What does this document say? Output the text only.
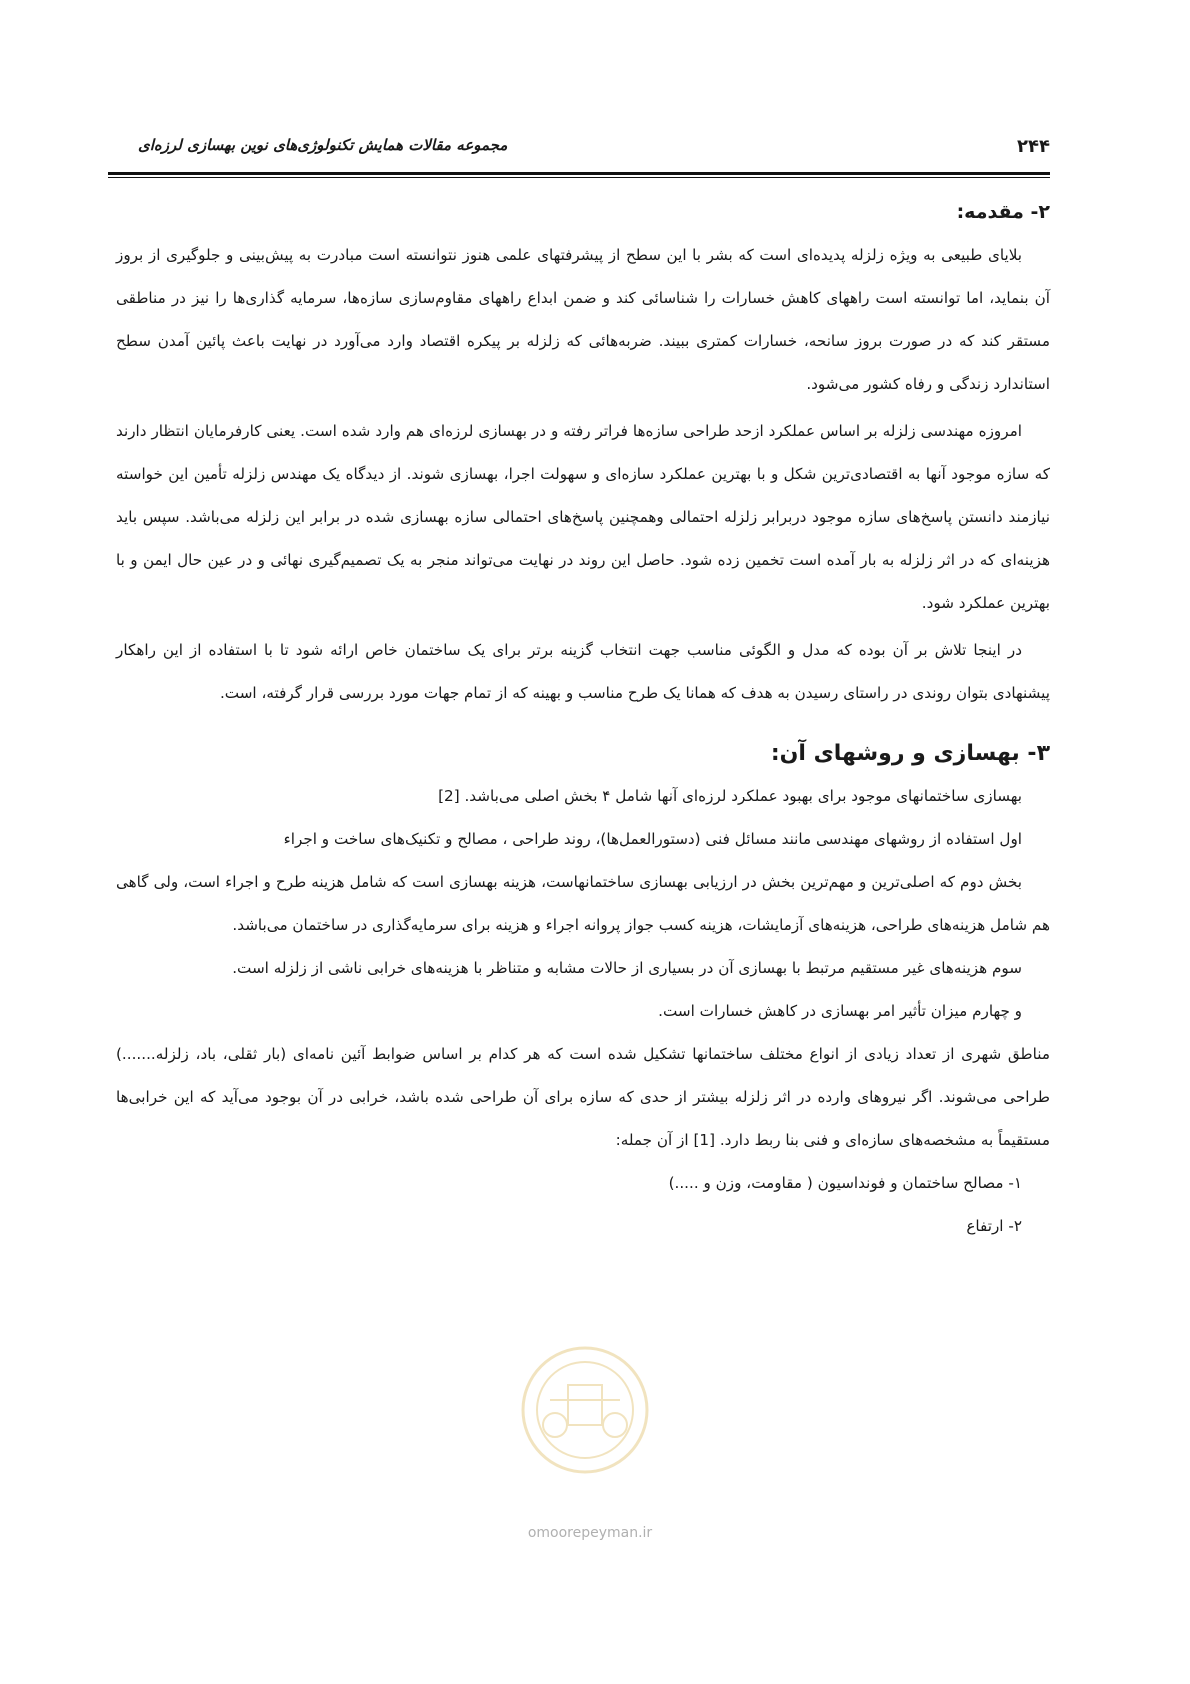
۲۴۴
مجموعه مقالات همایش تکنولوژی‌های نوین بهسازی لرزه‌ای
۲- مقدمه:

بلایای طبیعی به ویژه زلزله پدیده‌ای است که بشر با این سطح از پیشرفتهای علمی هنوز نتوانسته است مبادرت به پیش‌بینی و جلوگیری از بروز آن بنماید، اما توانسته است راههای کاهش خسارات را شناسائی کند و ضمن ابداع راههای مقاوم‌سازی سازه‌ها، سرمایه گذاری‌ها را نیز در مناطقی مستقر کند که در صورت بروز سانحه، خسارات کمتری ببیند. ضربه‌هائی که زلزله بر پیکره اقتصاد وارد می‌آورد در نهایت باعث پائین آمدن سطح استاندارد زندگی و رفاه کشور می‌شود.

امروزه مهندسی زلزله بر اساس عملکرد ازحد طراحی سازه‌ها فراتر رفته و در بهسازی لرزه‌ای هم وارد شده است. یعنی کارفرمایان انتظار دارند که سازه موجود آنها به اقتصادی‌ترین شکل و با بهترین عملکرد سازه‌ای و سهولت اجرا، بهسازی شوند. از دیدگاه یک مهندس زلزله تأمین این خواسته نیازمند دانستن پاسخ‌های سازه موجود دربرابر زلزله احتمالی وهمچنین پاسخ‌های احتمالی سازه بهسازی شده در برابر این زلزله می‌باشد. سپس باید هزینه‌ای که در اثر زلزله به بار آمده است تخمین زده شود. حاصل این روند در نهایت می‌تواند منجر به یک تصمیم‌گیری نهائی و در عین حال ایمن و با بهترین عملکرد شود.

در اینجا تلاش بر آن بوده که مدل و الگوئی مناسب جهت انتخاب گزینه برتر برای یک ساختمان خاص ارائه شود تا با استفاده از این راهکار پیشنهادی بتوان روندی در راستای رسیدن به هدف که همانا یک طرح مناسب و بهینه که از تمام جهات مورد بررسی قرار گرفته، است.

۳- بهسازی و روشهای آن:

بهسازی ساختمانهای موجود برای بهبود عملکرد لرزه‌ای آنها شامل ۴ بخش اصلی می‌باشد. [2]

اول استفاده از روشهای مهندسی مانند مسائل فنی (دستورالعمل‌ها)، روند طراحی ، مصالح و تکنیک‌های ساخت و اجراء

بخش دوم که اصلی‌ترین و مهم‌ترین بخش در ارزیابی بهسازی ساختمانهاست، هزینه بهسازی است که شامل هزینه طرح و اجراء است، ولی گاهی هم شامل هزینه‌های طراحی، هزینه‌های آزمایشات، هزینه کسب جواز پروانه اجراء و هزینه برای سرمایه‌گذاری در ساختمان می‌باشد.

سوم هزینه‌های غیر مستقیم مرتبط با بهسازی آن در بسیاری از حالات مشابه و متناظر با هزینه‌های خرابی ناشی از زلزله است.

و چهارم میزان تأثیر امر بهسازی در کاهش خسارات است.

مناطق شهری از تعداد زیادی از انواع مختلف ساختمانها تشکیل شده است که هر کدام بر اساس ضوابط آئین نامه‌ای (بار ثقلی، باد، زلزله.......) طراحی می‌شوند. اگر نیروهای وارده در اثر زلزله بیشتر از حدی که سازه برای آن طراحی شده باشد، خرابی در آن بوجود می‌آید که این خرابی‌ها مستقیماً به مشخصه‌های سازه‌ای و فنی بنا ربط دارد. [1] از آن جمله:

۱- مصالح ساختمان و فونداسیون ( مقاومت، وزن و .....)

۲- ارتفاع

omoorepeyman.ir
